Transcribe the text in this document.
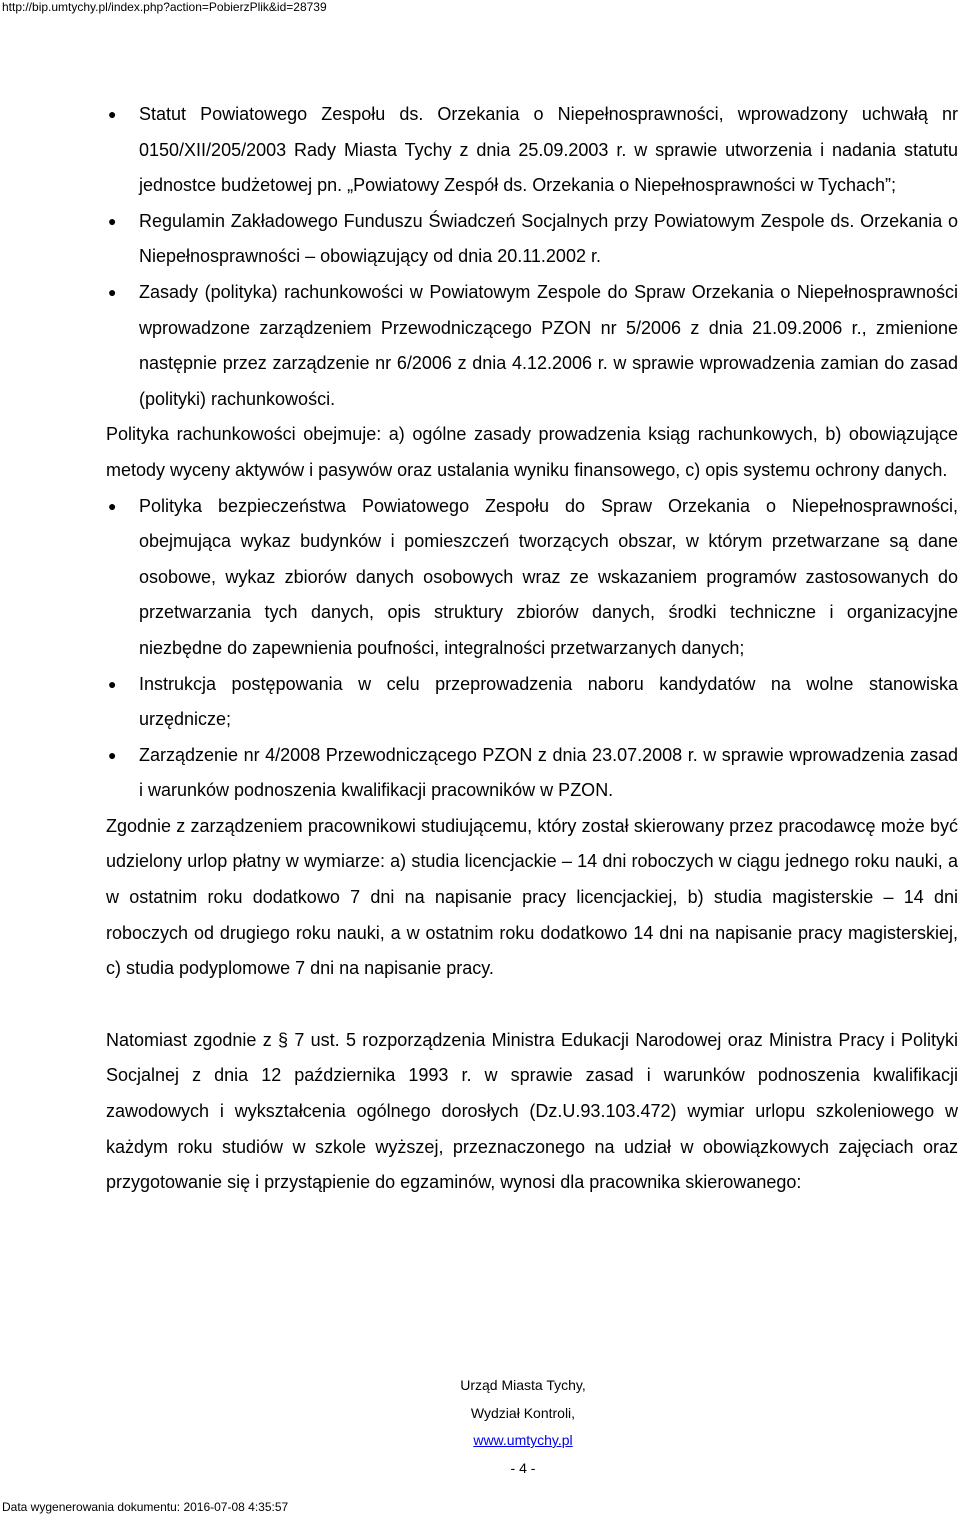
http://bip.umtychy.pl/index.php?action=PobierzPlik&id=28739
● Statut Powiatowego Zespołu ds. Orzekania o Niepełnosprawności, wprowadzony uchwałą nr 0150/XII/205/2003 Rady Miasta Tychy z dnia 25.09.2003 r. w sprawie utworzenia i nadania statutu jednostce budżetowej pn. „Powiatowy Zespół ds. Orzekania o Niepełnosprawności w Tychach”;
● Regulamin Zakładowego Funduszu Świadczeń Socjalnych przy Powiatowym Zespole ds. Orzekania o Niepełnosprawności – obowiązujący od dnia 20.11.2002 r.
● Zasady (polityka) rachunkowości w Powiatowym Zespole do Spraw Orzekania o Niepełnosprawności wprowadzone zarządzeniem Przewodniczącego PZON nr 5/2006 z dnia 21.09.2006 r., zmienione następnie przez zarządzenie nr 6/2006 z dnia 4.12.2006 r. w sprawie wprowadzenia zamian do zasad (polityki) rachunkowości.

Polityka rachunkowości obejmuje: a) ogólne zasady prowadzenia ksiąg rachunkowych, b) obowiązujące metody wyceny aktywów i pasywów oraz ustalania wyniku finansowego, c) opis systemu ochrony danych.

● Polityka bezpieczeństwa Powiatowego Zespołu do Spraw Orzekania o Niepełnosprawności, obejmująca wykaz budynków i pomieszczeń tworzących obszar, w którym przetwarzane są dane osobowe, wykaz zbiorów danych osobowych wraz ze wskazaniem programów zastosowanych do przetwarzania tych danych, opis struktury zbiorów danych, środki techniczne i organizacyjne niezbędne do zapewnienia poufności, integralności przetwarzanych danych;
● Instrukcja postępowania w celu przeprowadzenia naboru kandydatów na wolne stanowiska urzędnicze;
● Zarządzenie nr 4/2008 Przewodniczącego PZON z dnia 23.07.2008 r. w sprawie wprowadzenia zasad i warunków podnoszenia kwalifikacji pracowników w PZON.

Zgodnie z zarządzeniem pracownikowi studiującemu, który został skierowany przez pracodawcę może być udzielony urlop płatny w wymiarze: a) studia licencjackie – 14 dni roboczych w ciągu jednego roku nauki, a w ostatnim roku dodatkowo 7 dni na napisanie pracy licencjackiej, b) studia magisterskie – 14 dni roboczych od drugiego roku nauki, a w ostatnim roku dodatkowo 14 dni na napisanie pracy magisterskiej, c) studia podyplomowe 7 dni na napisanie pracy.

Natomiast zgodnie z § 7 ust. 5 rozporządzenia Ministra Edukacji Narodowej oraz Ministra Pracy i Polityki Socjalnej z dnia 12 października 1993 r. w sprawie zasad i warunków podnoszenia kwalifikacji zawodowych i wykształcenia ogólnego dorosłych (Dz.U.93.103.472) wymiar urlopu szkoleniowego w każdym roku studiów w szkole wyższej, przeznaczonego na udział w obowiązkowych zajęciach oraz przygotowanie się i przystąpienie do egzaminów, wynosi dla pracownika skierowanego:

Urząd Miasta Tychy,
Wydział Kontroli,
www.umtychy.pl
- 4 -
Data wygenerowania dokumentu: 2016-07-08 4:35:57
